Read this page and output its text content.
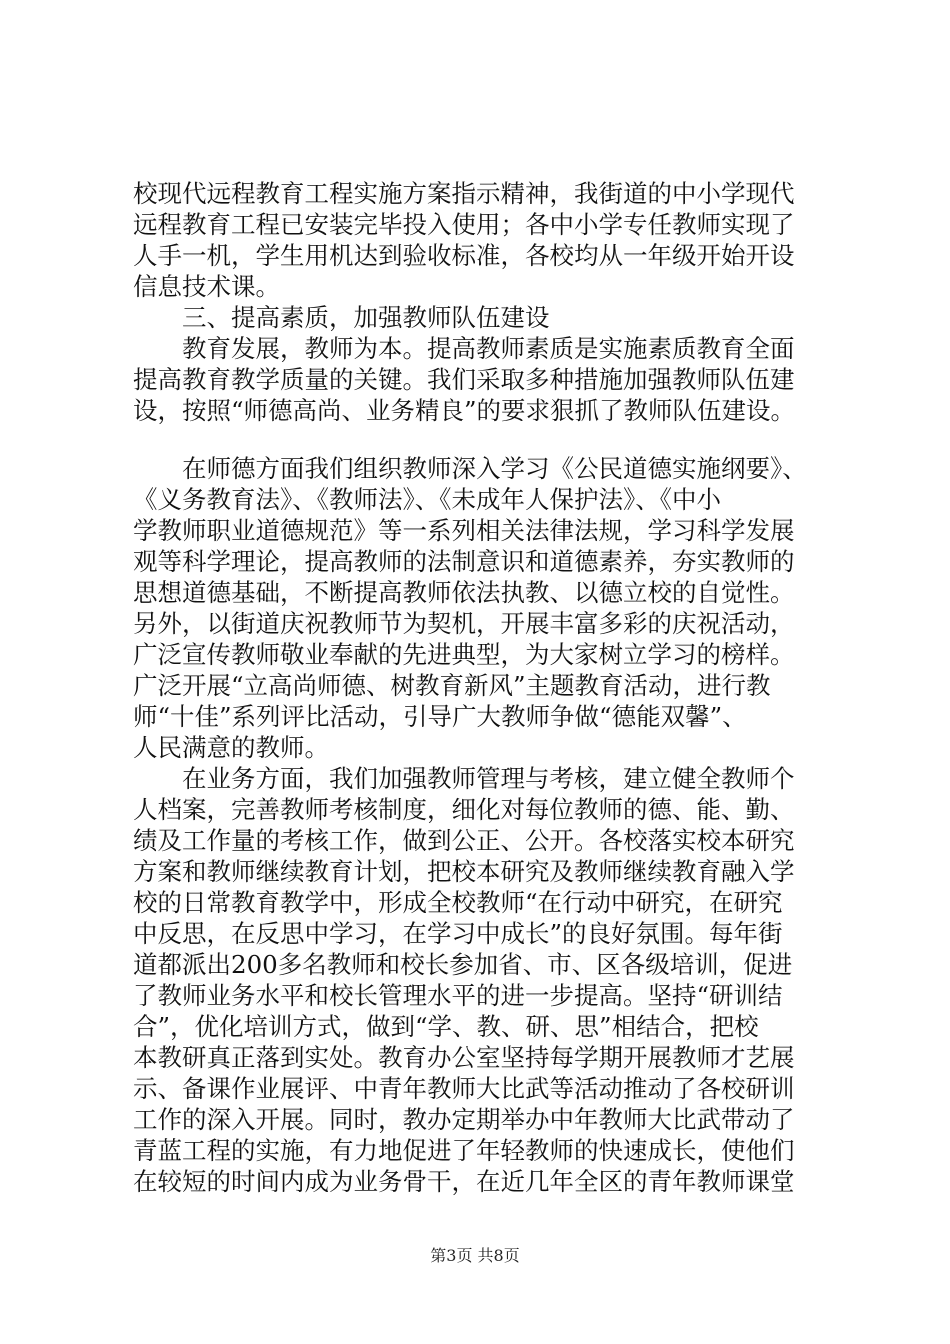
校现代远程教育工程实施方案指示精神，我街道的中小学现代
远程教育工程已安装完毕投入使用；各中小学专任教师实现了
人手一机，学生用机达到验收标准，各校均从一年级开始开设
信息技术课。
三、提高素质，加强教师队伍建设
教育发展，教师为本。提高教师素质是实施素质教育全面
提高教育教学质量的关键。我们采取多种措施加强教师队伍建
设，按照“师德高尚、业务精良”的要求狠抓了教师队伍建设。
在师德方面我们组织教师深入学习《公民道德实施纲要》、
《义务教育法》、《教师法》、《未成年人保护法》、《中小
学教师职业道德规范》等一系列相关法律法规，学习科学发展
观等科学理论，提高教师的法制意识和道德素养，夯实教师的
思想道德基础，不断提高教师依法执教、以德立校的自觉性。
另外，以街道庆祝教师节为契机，开展丰富多彩的庆祝活动，
广泛宣传教师敬业奉献的先进典型，为大家树立学习的榜样。
广泛开展“立高尚师德、树教育新风”主题教育活动，进行教
师“十佳”系列评比活动，引导广大教师争做“德能双馨”、
人民满意的教师。
在业务方面，我们加强教师管理与考核，建立健全教师个
人档案，完善教师考核制度，细化对每位教师的德、能、勤、
绩及工作量的考核工作，做到公正、公开。各校落实校本研究
方案和教师继续教育计划，把校本研究及教师继续教育融入学
校的日常教育教学中，形成全校教师“在行动中研究，在研究
中反思，在反思中学习，在学习中成长”的良好氛围。每年街
道都派出200多名教师和校长参加省、市、区各级培训，促进
了教师业务水平和校长管理水平的进一步提高。坚持“研训结
合”，优化培训方式，做到“学、教、研、思”相结合，把校
本教研真正落到实处。教育办公室坚持每学期开展教师才艺展
示、备课作业展评、中青年教师大比武等活动推动了各校研训
工作的深入开展。同时，教办定期举办中年教师大比武带动了
青蓝工程的实施，有力地促进了年轻教师的快速成长，使他们
在较短的时间内成为业务骨干，在近几年全区的青年教师课堂
第3页 共8页
